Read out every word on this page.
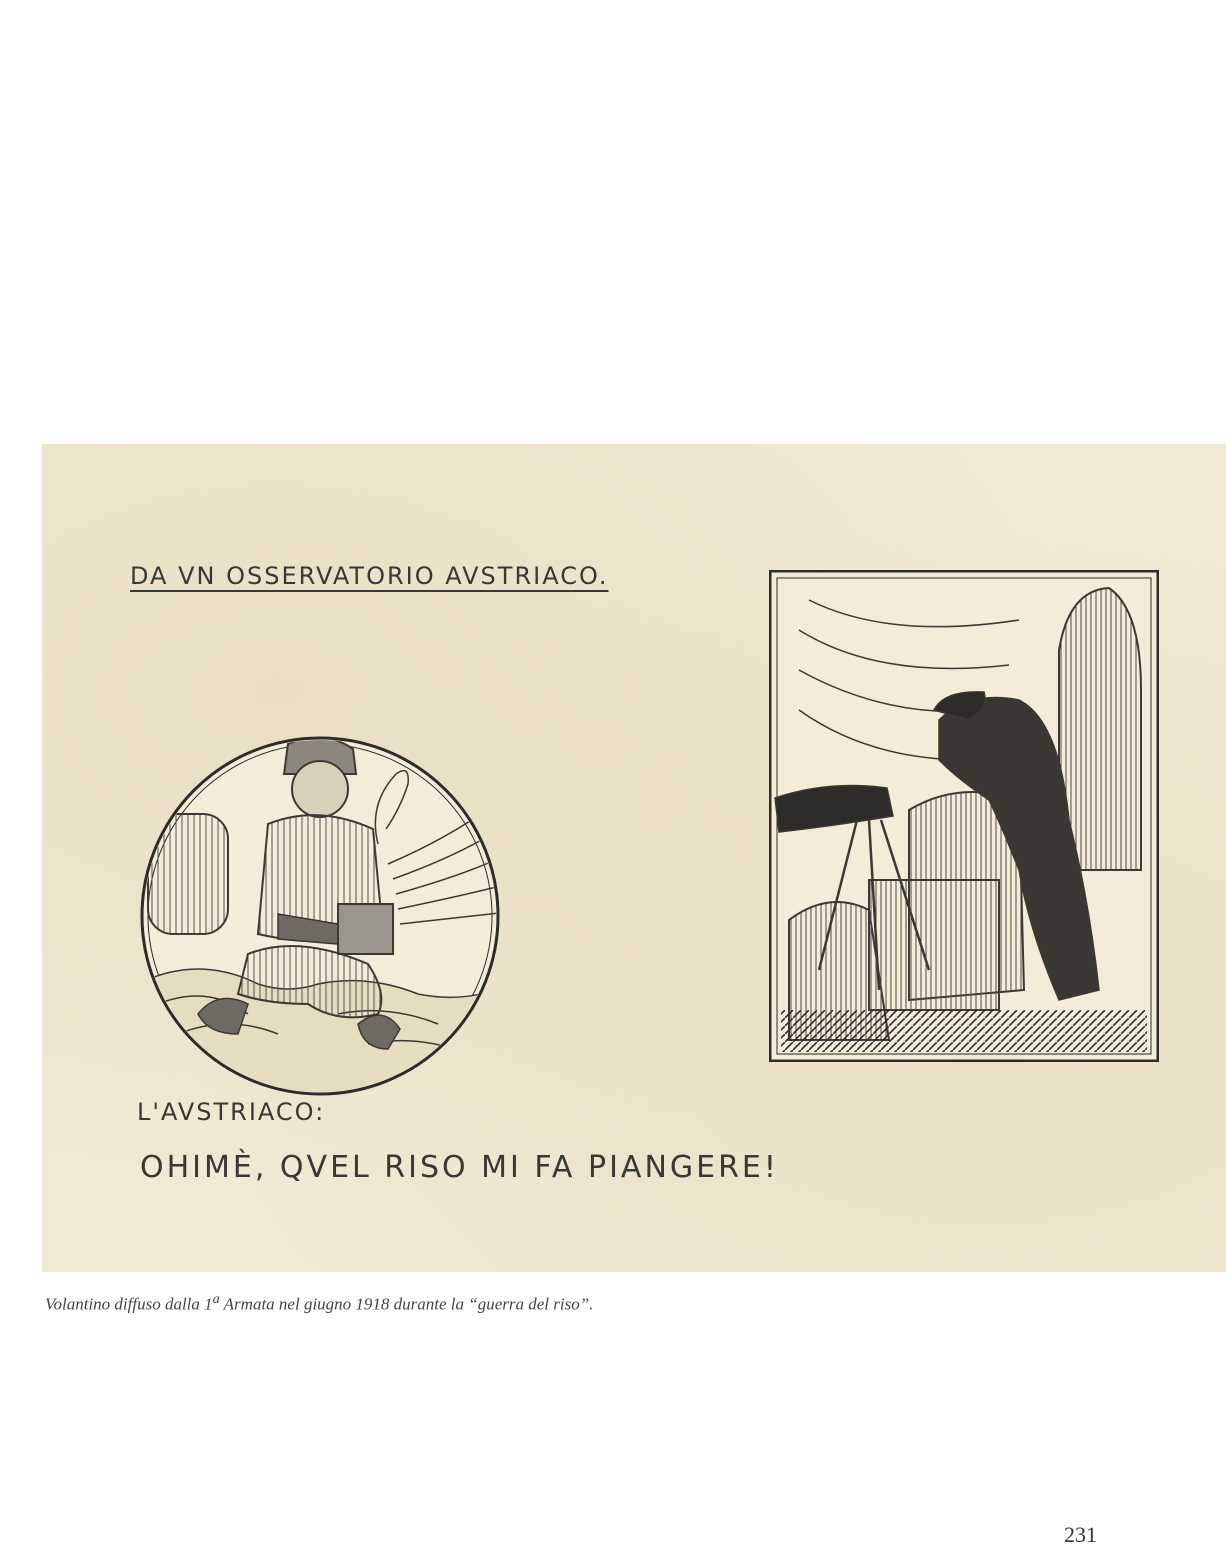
DA VN OSSERVATORIO AVSTRIACO.
L'AVSTRIACO:
OHIMÈ, QVEL RISO MI FA PIANGERE!
Volantino diffuso dalla 1$^a$ Armata nel giugno 1918 durante la “guerra del riso”.
231
